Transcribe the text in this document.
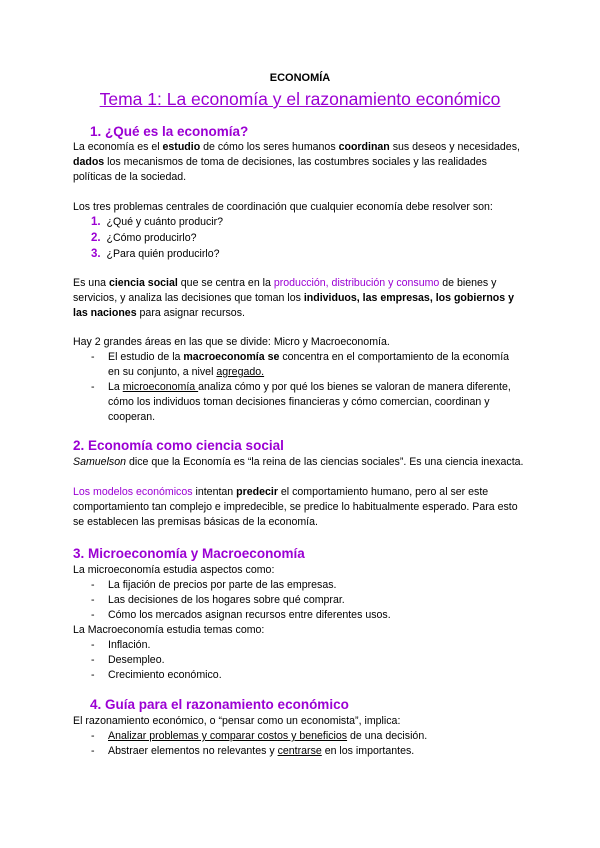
ECONOMÍA
Tema 1: La economía y el razonamiento económico
1. ¿Qué es la economía?
La economía es el estudio de cómo los seres humanos coordinan sus deseos y necesidades, dados los mecanismos de toma de decisiones, las costumbres sociales y las realidades políticas de la sociedad.
Los tres problemas centrales de coordinación que cualquier economía debe resolver son:
1. ¿Qué y cuánto producir?
2. ¿Cómo producirlo?
3. ¿Para quién producirlo?
Es una ciencia social que se centra en la producción, distribución y consumo de bienes y servicios, y analiza las decisiones que toman los individuos, las empresas, los gobiernos y las naciones para asignar recursos.
Hay 2 grandes áreas en las que se divide: Micro y Macroeconomía.
- El estudio de la macroeconomía se concentra en el comportamiento de la economía en su conjunto, a nivel agregado.
- La microeconomía analiza cómo y por qué los bienes se valoran de manera diferente, cómo los individuos toman decisiones financieras y cómo comercian, coordinan y cooperan.
2. Economía como ciencia social
Samuelson dice que la Economía es “la reina de las ciencias sociales”. Es una ciencia inexacta.
Los modelos económicos intentan predecir el comportamiento humano, pero al ser este comportamiento tan complejo e impredecible, se predice lo habitualmente esperado. Para esto se establecen las premisas básicas de la economía.
3. Microeconomía y Macroeconomía
La microeconomía estudia aspectos como:
- La fijación de precios por parte de las empresas.
- Las decisiones de los hogares sobre qué comprar.
- Cómo los mercados asignan recursos entre diferentes usos.
La Macroeconomía estudia temas como:
- Inflación.
- Desempleo.
- Crecimiento económico.
4. Guía para el razonamiento económico
El razonamiento económico, o “pensar como un economista”, implica:
- Analizar problemas y comparar costos y beneficios de una decisión.
- Abstraer elementos no relevantes y centrarse en los importantes.
